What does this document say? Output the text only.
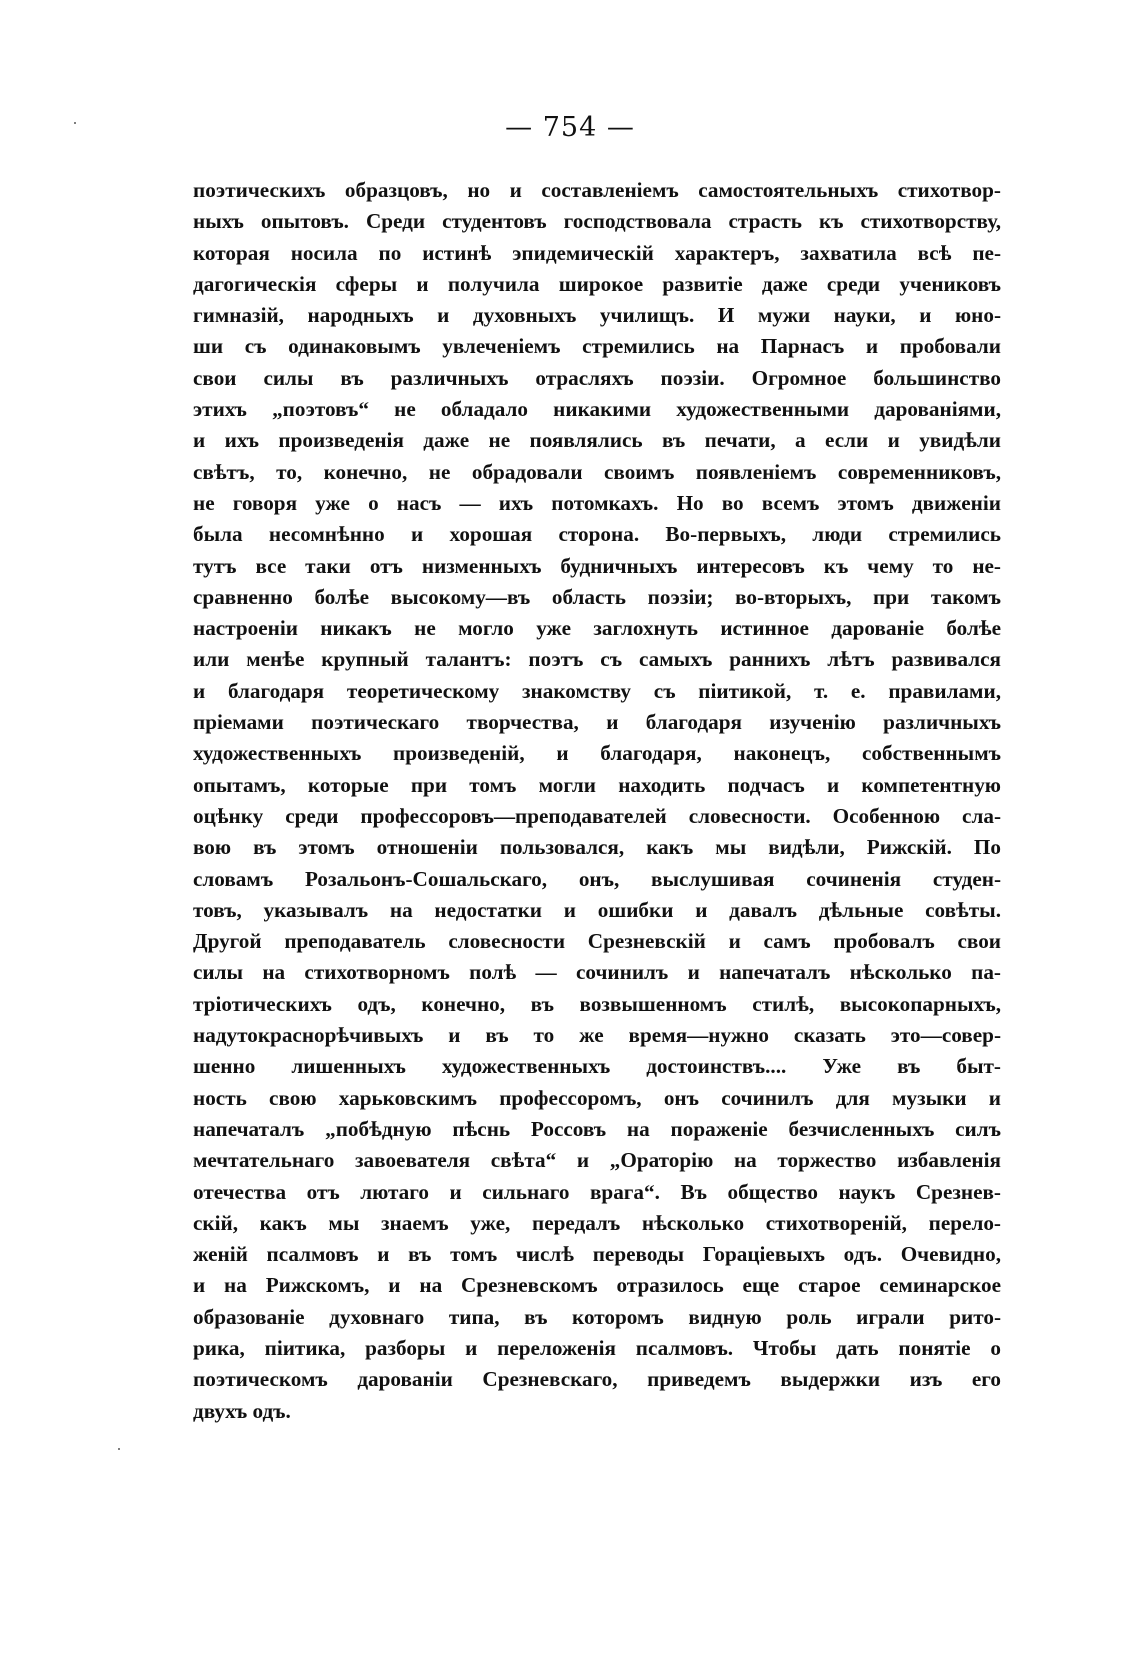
— 754 —
поэтическихъ образцовъ, но и составленіемъ самостоятельныхъ стихотвор-
ныхъ опытовъ. Среди студентовъ господствовала страсть къ стихотворству,
которая носила по истинѣ эпидемическій характеръ, захватила всѣ пе-
дагогическія сферы и получила широкое развитіе даже среди учениковъ
гимназій, народныхъ и духовныхъ училищъ. И мужи науки, и юно-
ши съ одинаковымъ увлеченіемъ стремились на Парнасъ и пробовали
свои силы въ различныхъ отрасляхъ поэзіи. Огромное большинство
этихъ „поэтовъ“ не обладало никакими художественными дарованіями,
и ихъ произведенія даже не появлялись въ печати, а если и увидѣли
свѣтъ, то, конечно, не обрадовали своимъ появленіемъ современниковъ,
не говоря уже о насъ — ихъ потомкахъ. Но во всемъ этомъ движеніи
была несомнѣнно и хорошая сторона. Во-первыхъ, люди стремились
тутъ все таки отъ низменныхъ будничныхъ интересовъ къ чему то не-
сравненно болѣе высокому—въ область поэзіи; во-вторыхъ, при такомъ
настроеніи никакъ не могло уже заглохнуть истинное дарованіе болѣе
или менѣе крупный талантъ: поэтъ съ самыхъ раннихъ лѣтъ развивался
и благодаря теоретическому знакомству съ піитикой, т. е. правилами,
пріемами поэтическаго творчества, и благодаря изученію различныхъ
художественныхъ произведеній, и благодаря, наконецъ, собственнымъ
опытамъ, которые при томъ могли находить подчасъ и компетентную
оцѣнку среди профессоровъ—преподавателей словесности. Особенною сла-
вою въ этомъ отношеніи пользовался, какъ мы видѣли, Рижскій. По
словамъ Розальонъ-Сошальскаго, онъ, выслушивая сочиненія студен-
товъ, указывалъ на недостатки и ошибки и давалъ дѣльные совѣты.
Другой преподаватель словесности Срезневскій и самъ пробовалъ свои
силы на стихотворномъ полѣ — сочинилъ и напечаталъ нѣсколько па-
тріотическихъ одъ, конечно, въ возвышенномъ стилѣ, высокопарныхъ,
надутокраснорѣчивыхъ и въ то же время—нужно сказать это—совер-
шенно лишенныхъ художественныхъ достоинствъ.... Уже въ быт-
ность свою харьковскимъ профессоромъ, онъ сочинилъ для музыки и
напечаталъ „побѣдную пѣснь Россовъ на пораженіе безчисленныхъ силъ
мечтательнаго завоевателя свѣта“ и „Ораторію на торжество избавленія
отечества отъ лютаго и сильнаго врага“. Въ общество наукъ Срезнев-
скій, какъ мы знаемъ уже, передалъ нѣсколько стихотвореній, перело-
женій псалмовъ и въ томъ числѣ переводы Гораціевыхъ одъ. Очевидно,
и на Рижскомъ, и на Срезневскомъ отразилось еще старое семинарское
образованіе духовнаго типа, въ которомъ видную роль играли рито-
рика, піитика, разборы и переложенія псалмовъ. Чтобы дать понятіе о
поэтическомъ дарованіи Срезневскаго, приведемъ выдержки изъ его
двухъ одъ.
